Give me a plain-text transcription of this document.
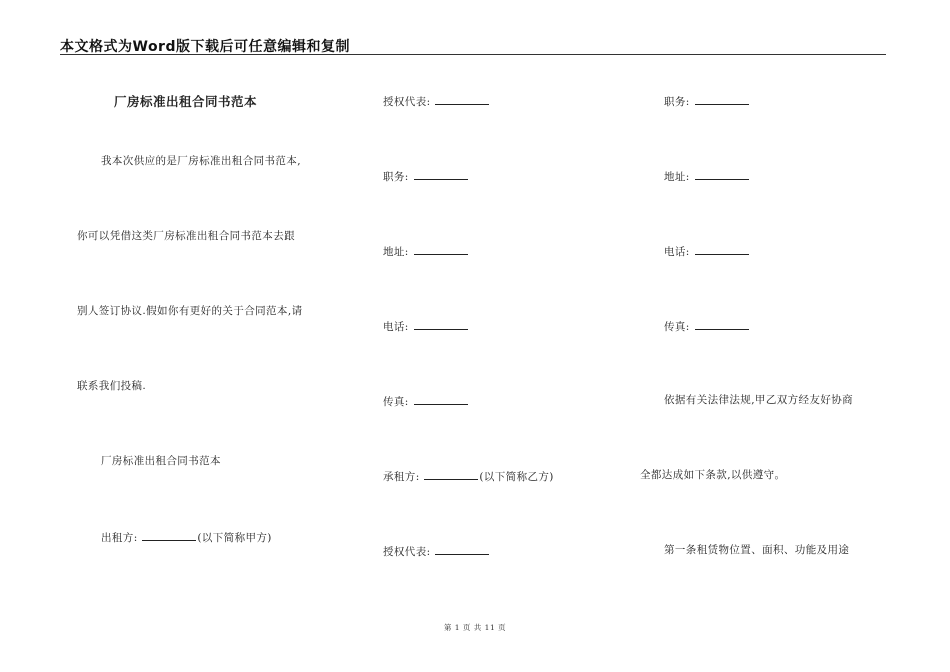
本文格式为Word版下载后可任意编辑和复制
厂房标准出租合同书范本
我本次供应的是厂房标准出租合同书范本,
你可以凭借这类厂房标准出租合同书范本去跟
别人签订协议.假如你有更好的关于合同范本,请
联系我们投稿.
厂房标准出租合同书范本
出租方:	(以下简称甲方)
授权代表:
职务:
地址:
电话:
传真:
承租方:	(以下简称乙方)
授权代表:
职务:
地址:
电话:
传真:
依据有关法律法规,甲乙双方经友好协商
全都达成如下条款,以供遵守。
第一条租赁物位置、面积、功能及用途
第 1 页 共 11 页
